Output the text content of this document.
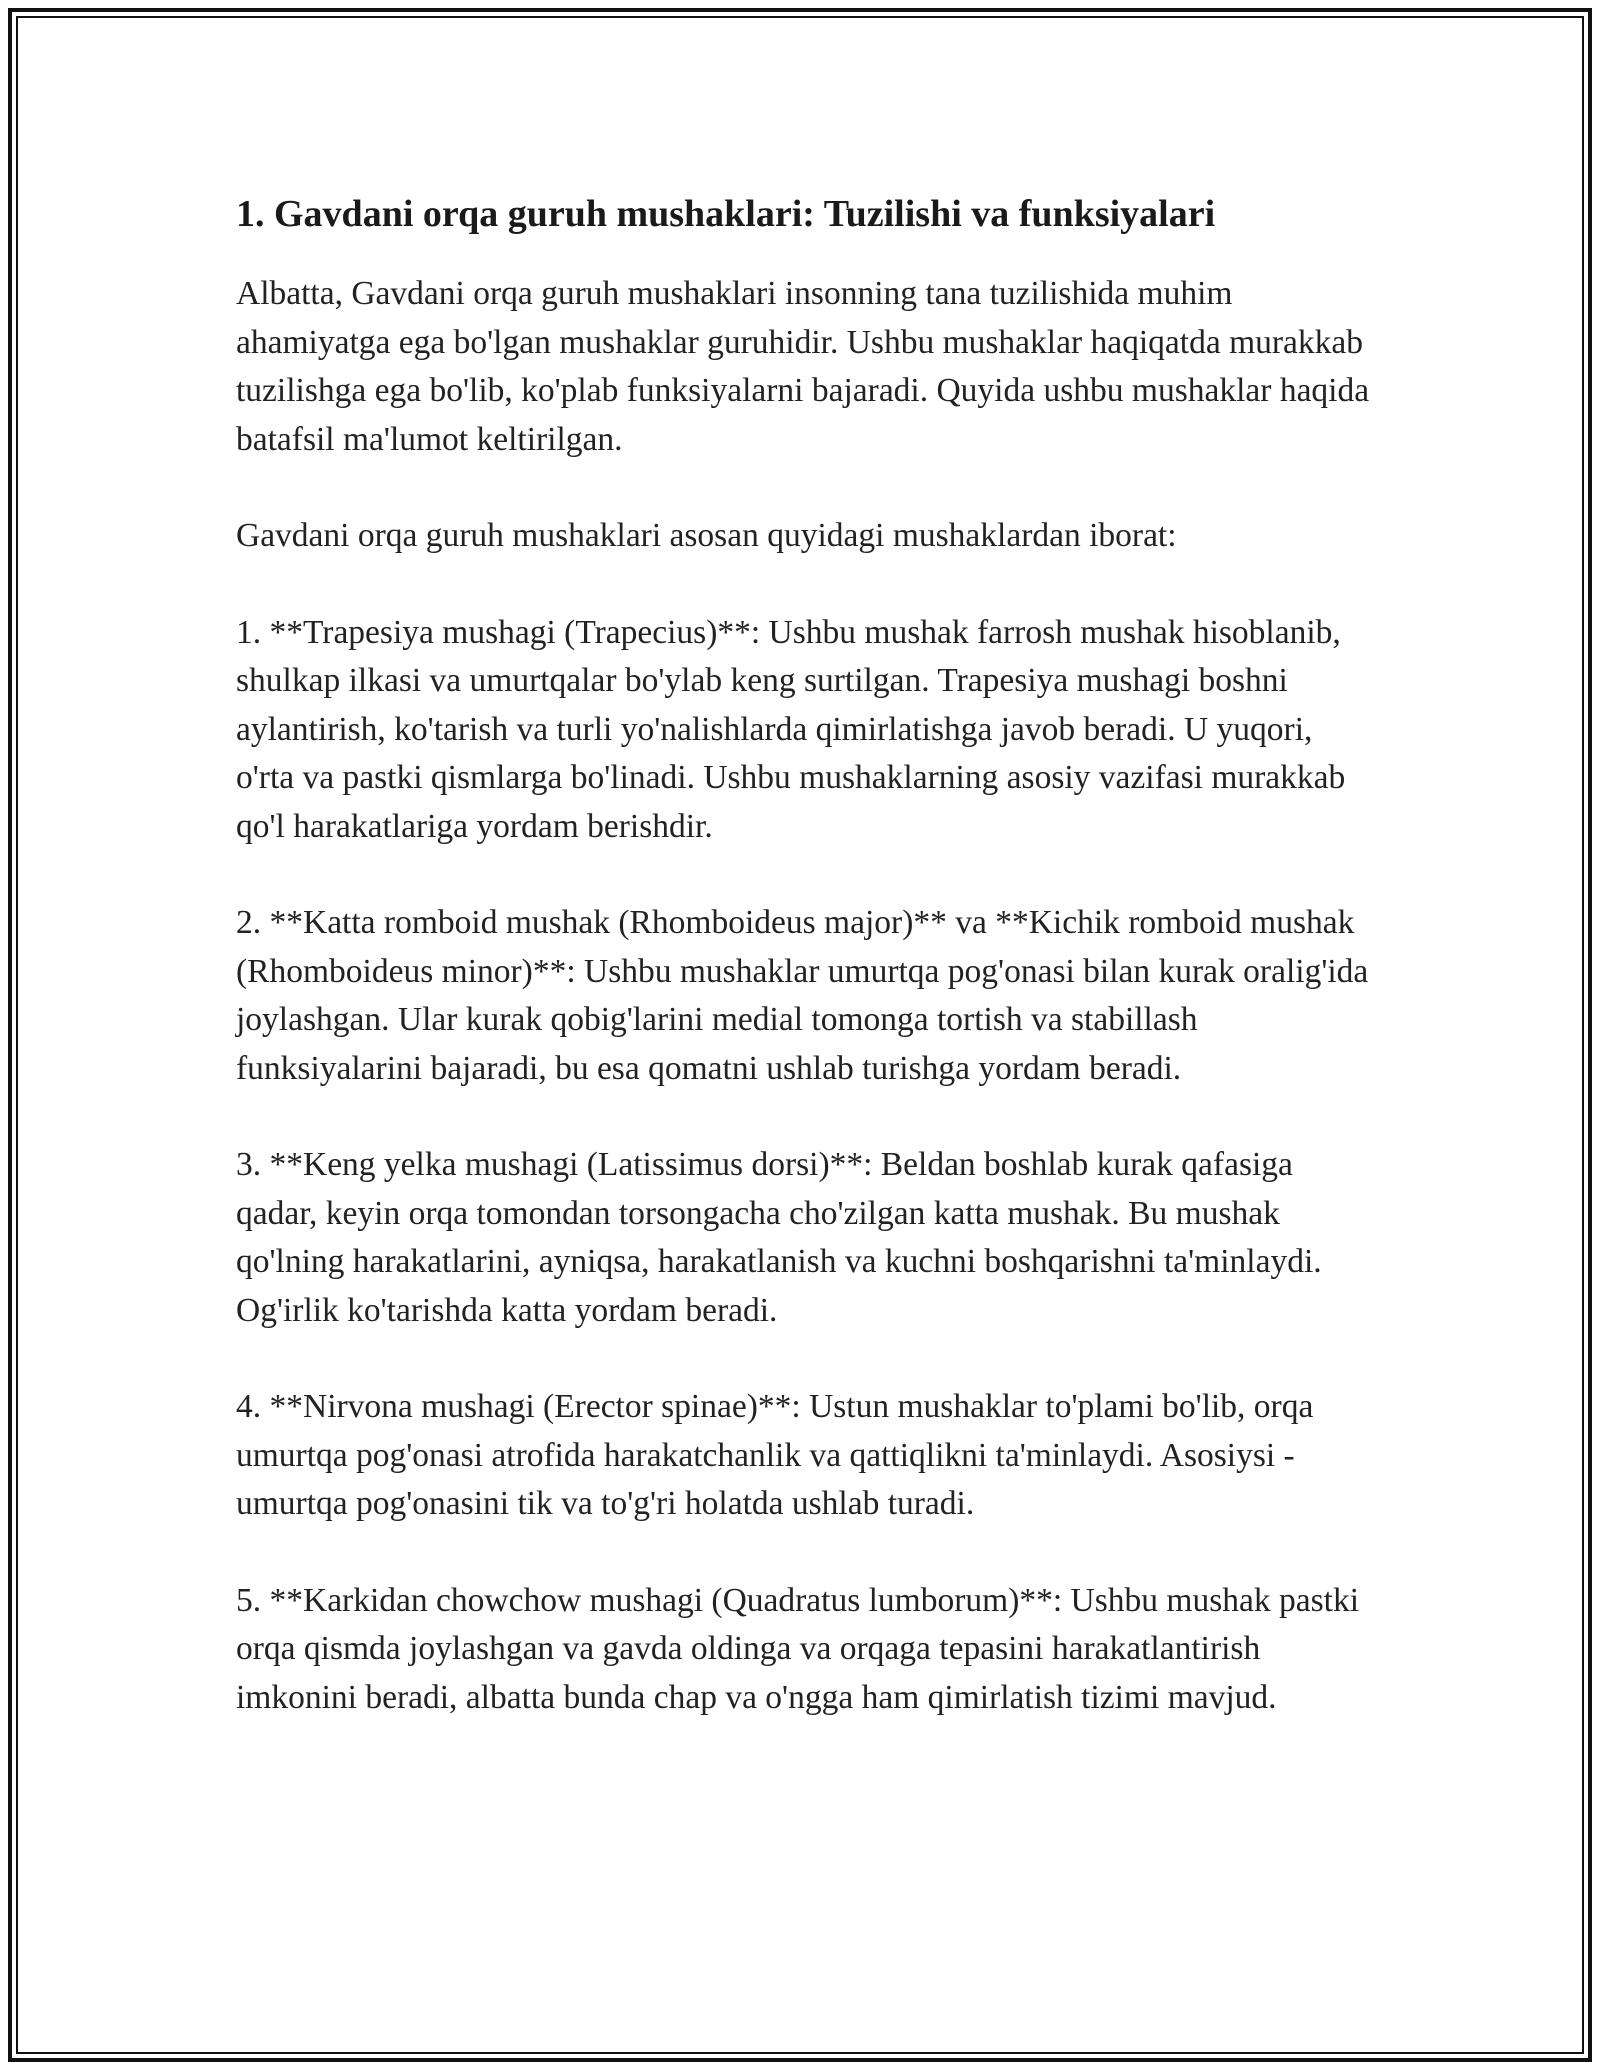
1. Gavdani orqa guruh mushaklari: Tuzilishi va funksiyalari

Albatta, Gavdani orqa guruh mushaklari insonning tana tuzilishida muhim ahamiyatga ega bo'lgan mushaklar guruhidir. Ushbu mushaklar haqiqatda murakkab tuzilishga ega bo'lib, ko'plab funksiyalarni bajaradi. Quyida ushbu mushaklar haqida batafsil ma'lumot keltirilgan.

Gavdani orqa guruh mushaklari asosan quyidagi mushaklardan iborat:

1. **Trapesiya mushagi (Trapecius)**: Ushbu mushak farrosh mushak hisoblanib, shulkap ilkasi va umurtqalar bo'ylab keng surtilgan. Trapesiya mushagi boshni aylantirish, ko'tarish va turli yo'nalishlarda qimirlatishga javob beradi. U yuqori, o'rta va pastki qismlarga bo'linadi. Ushbu mushaklarning asosiy vazifasi murakkab qo'l harakatlariga yordam berishdir.

2. **Katta romboid mushak (Rhomboideus major)** va **Kichik romboid mushak (Rhomboideus minor)**: Ushbu mushaklar umurtqa pog'onasi bilan kurak oralig'ida joylashgan. Ular kurak qobig'larini medial tomonga tortish va stabillash funksiyalarini bajaradi, bu esa qomatni ushlab turishga yordam beradi.

3. **Keng yelka mushagi (Latissimus dorsi)**: Beldan boshlab kurak qafasiga qadar, keyin orqa tomondan torsongacha cho'zilgan katta mushak. Bu mushak qo'lning harakatlarini, ayniqsa, harakatlanish va kuchni boshqarishni ta'minlaydi. Og'irlik ko'tarishda katta yordam beradi.

4. **Nirvona mushagi (Erector spinae)**: Ustun mushaklar to'plami bo'lib, orqa umurtqa pog'onasi atrofida harakatchanlik va qattiqlikni ta'minlaydi. Asosiysi - umurtqa pog'onasini tik va to'g'ri holatda ushlab turadi.

5. **Karkidan chowchow mushagi (Quadratus lumborum)**: Ushbu mushak pastki orqa qismda joylashgan va gavda oldinga va orqaga tepasini harakatlantirish imkonini beradi, albatta bunda chap va o'ngga ham qimirlatish tizimi mavjud.
